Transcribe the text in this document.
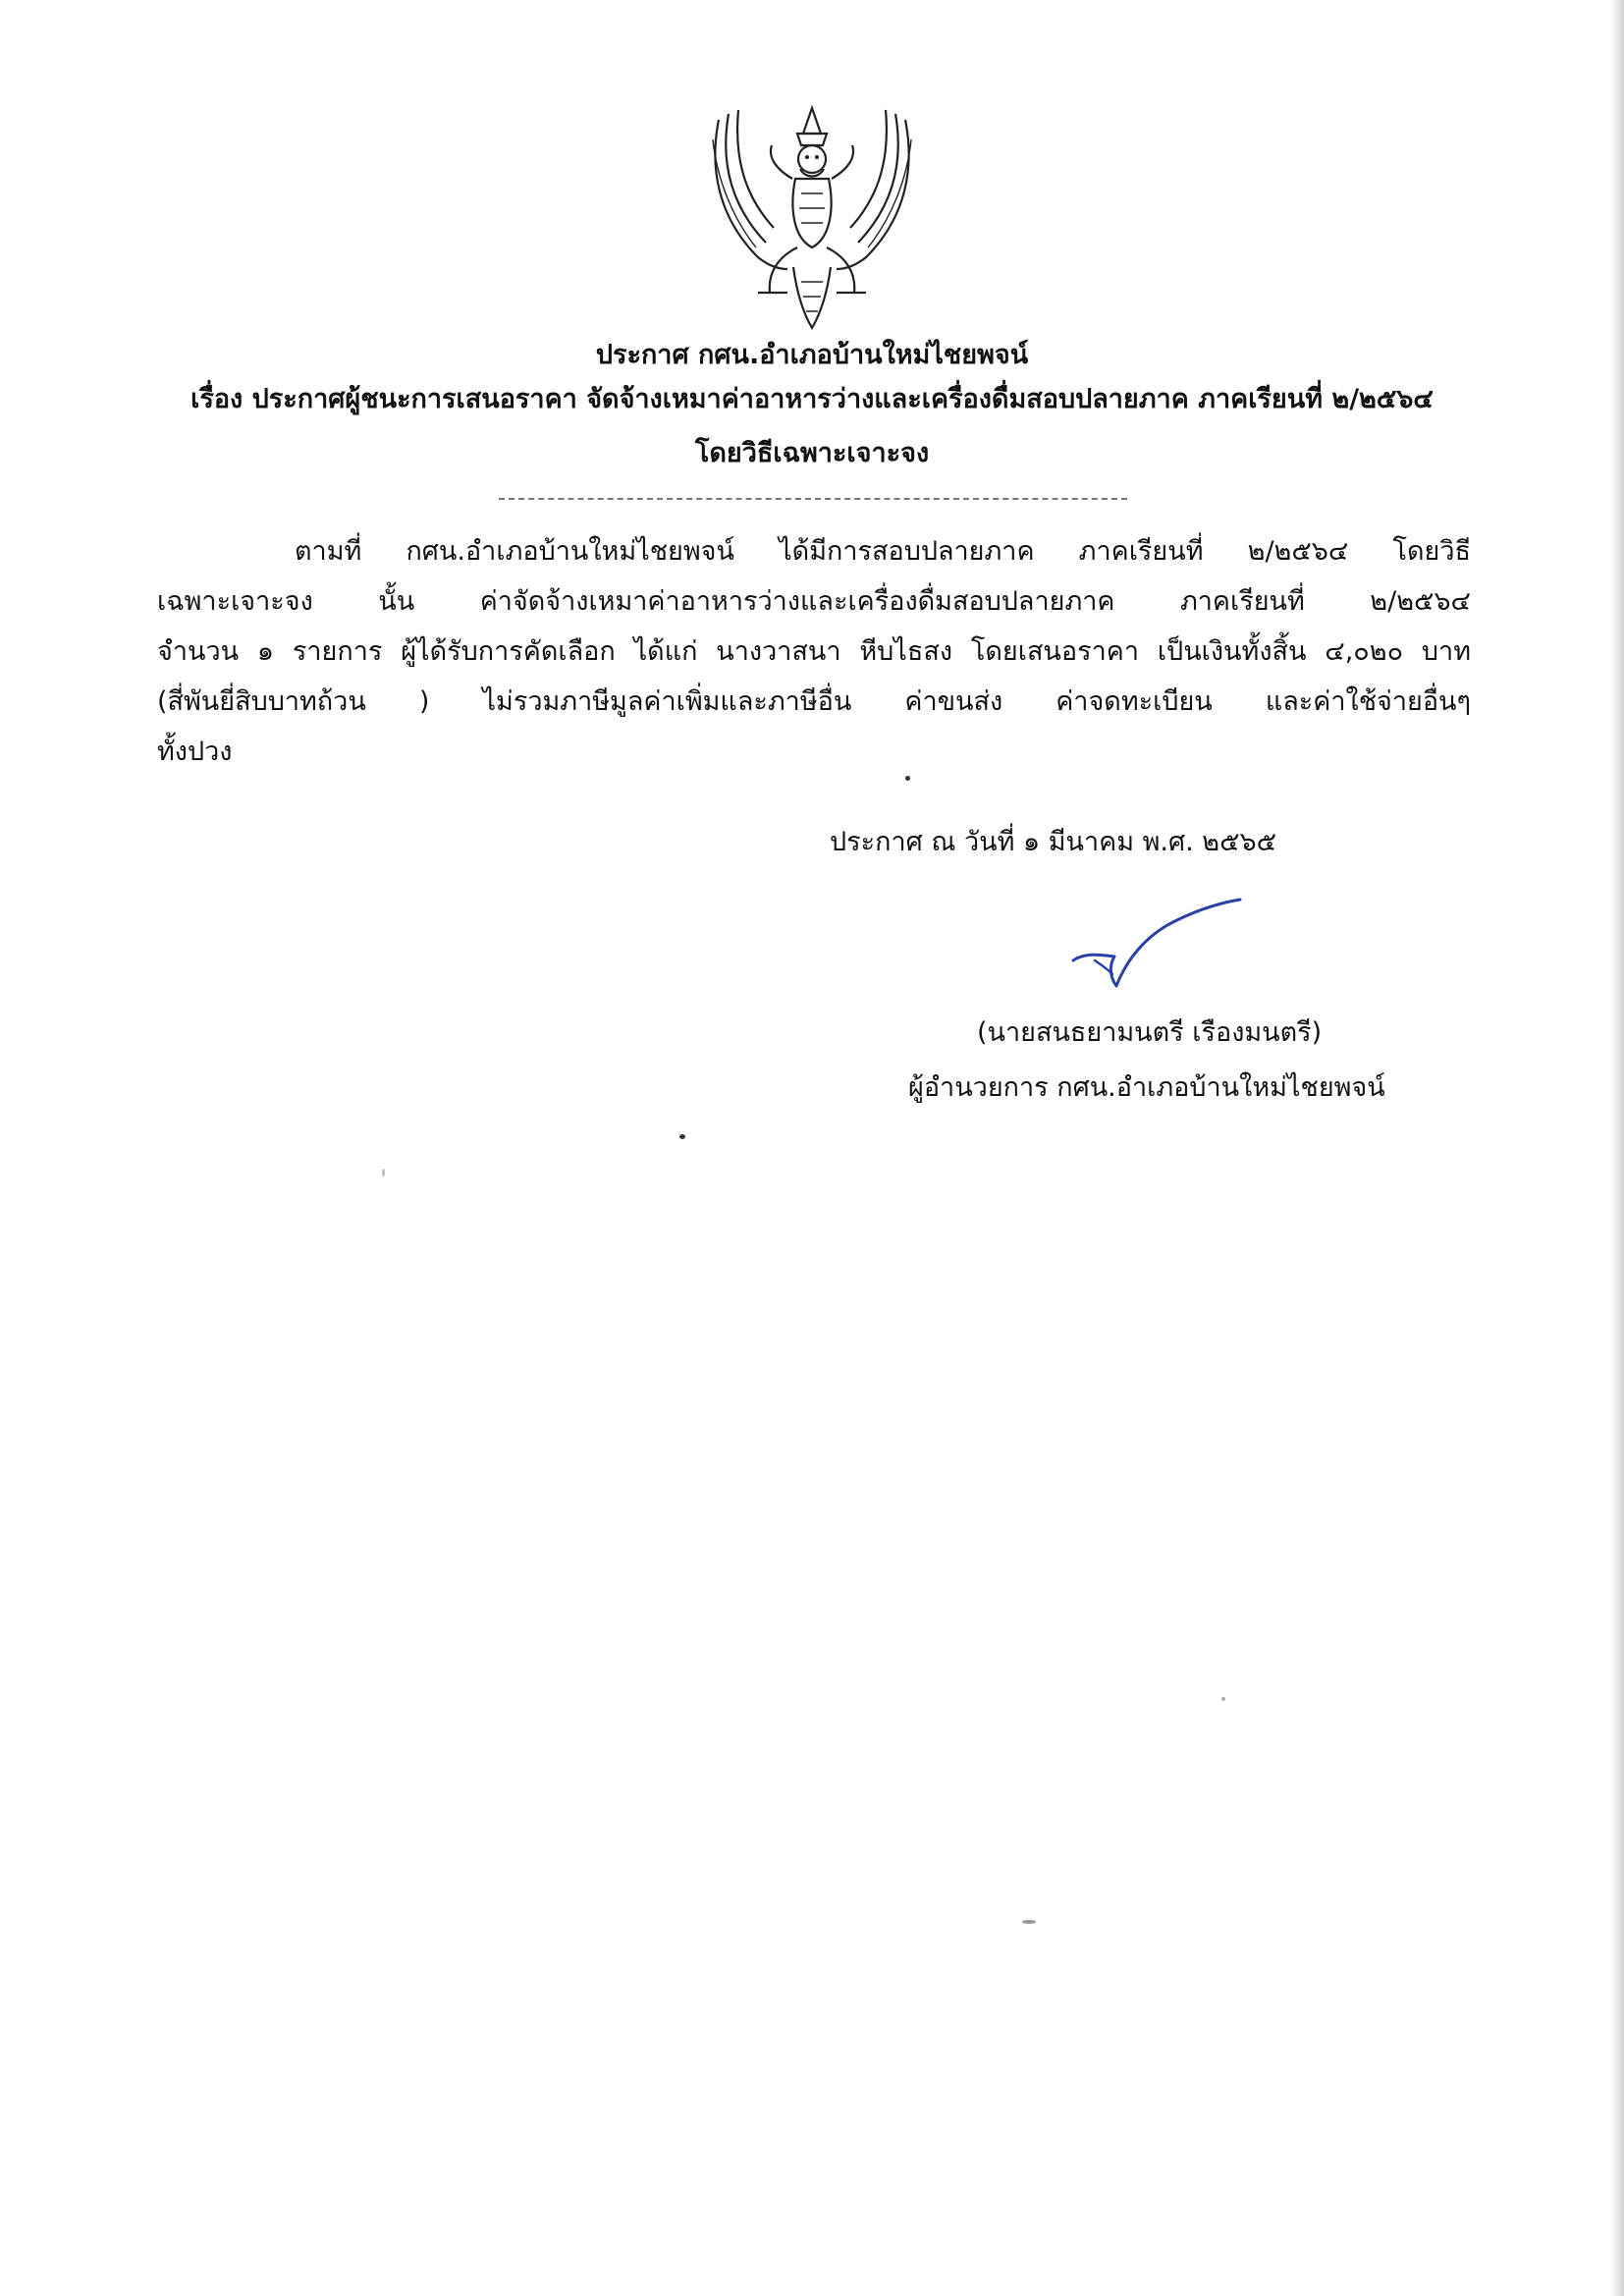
ประกาศ กศน.อำเภอบ้านใหม่ไชยพจน์
เรื่อง ประกาศผู้ชนะการเสนอราคา จัดจ้างเหมาค่าอาหารว่างและเครื่องดื่มสอบปลายภาค ภาคเรียนที่ ๒/๒๕๖๔
โดยวิธีเฉพาะเจาะจง
ตามที่ กศน.อำเภอบ้านใหม่ไชยพจน์ ได้มีการสอบปลายภาค ภาคเรียนที่ ๒/๒๕๖๔ โดยวิธี
เฉพาะเจาะจง นั้น ค่าจัดจ้างเหมาค่าอาหารว่างและเครื่องดื่มสอบปลายภาค ภาคเรียนที่ ๒/๒๕๖๔
จำนวน ๑ รายการ ผู้ได้รับการคัดเลือก ได้แก่ นางวาสนา หีบไธสง โดยเสนอราคา เป็นเงินทั้งสิ้น ๔,๐๒๐ บาท
(สี่พันยี่สิบบาทถ้วน ) ไม่รวมภาษีมูลค่าเพิ่มและภาษีอื่น ค่าขนส่ง ค่าจดทะเบียน และค่าใช้จ่ายอื่นๆ
ทั้งปวง
ประกาศ ณ วันที่ ๑ มีนาคม พ.ศ. ๒๕๖๕
(นายสนธยามนตรี เรืองมนตรี)
ผู้อำนวยการ กศน.อำเภอบ้านใหม่ไชยพจน์
